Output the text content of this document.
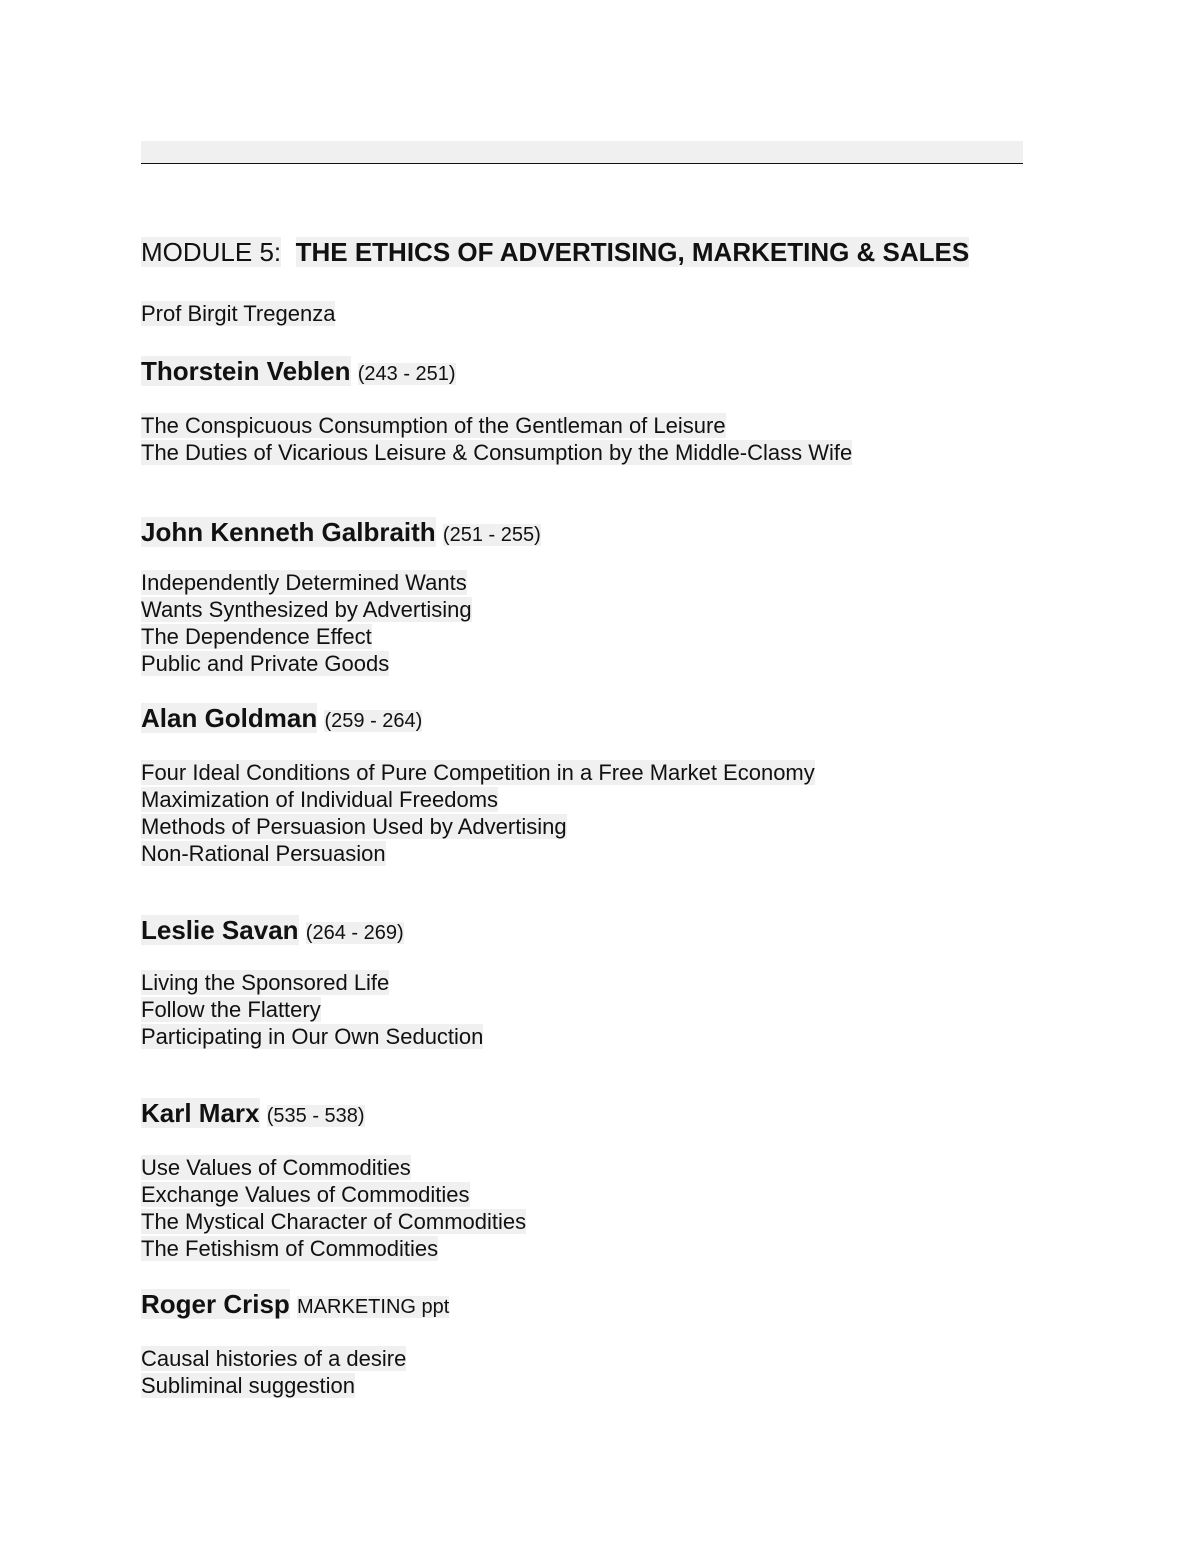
MODULE 5: THE ETHICS OF ADVERTISING, MARKETING & SALES
Prof Birgit Tregenza
Thorstein Veblen (243 - 251)
The Conspicuous Consumption of the Gentleman of Leisure
The Duties of Vicarious Leisure & Consumption by the Middle-Class Wife
John Kenneth Galbraith (251 - 255)
Independently Determined Wants
Wants Synthesized by Advertising
The Dependence Effect
Public and Private Goods
Alan Goldman (259 - 264)
Four Ideal Conditions of Pure Competition in a Free Market Economy
Maximization of Individual Freedoms
Methods of Persuasion Used by Advertising
Non-Rational Persuasion
Leslie Savan (264 - 269)
Living the Sponsored Life
Follow the Flattery
Participating in Our Own Seduction
Karl Marx (535 - 538)
Use Values of Commodities
Exchange Values of Commodities
The Mystical Character of Commodities
The Fetishism of Commodities
Roger Crisp MARKETING ppt
Causal histories of a desire
Subliminal suggestion
